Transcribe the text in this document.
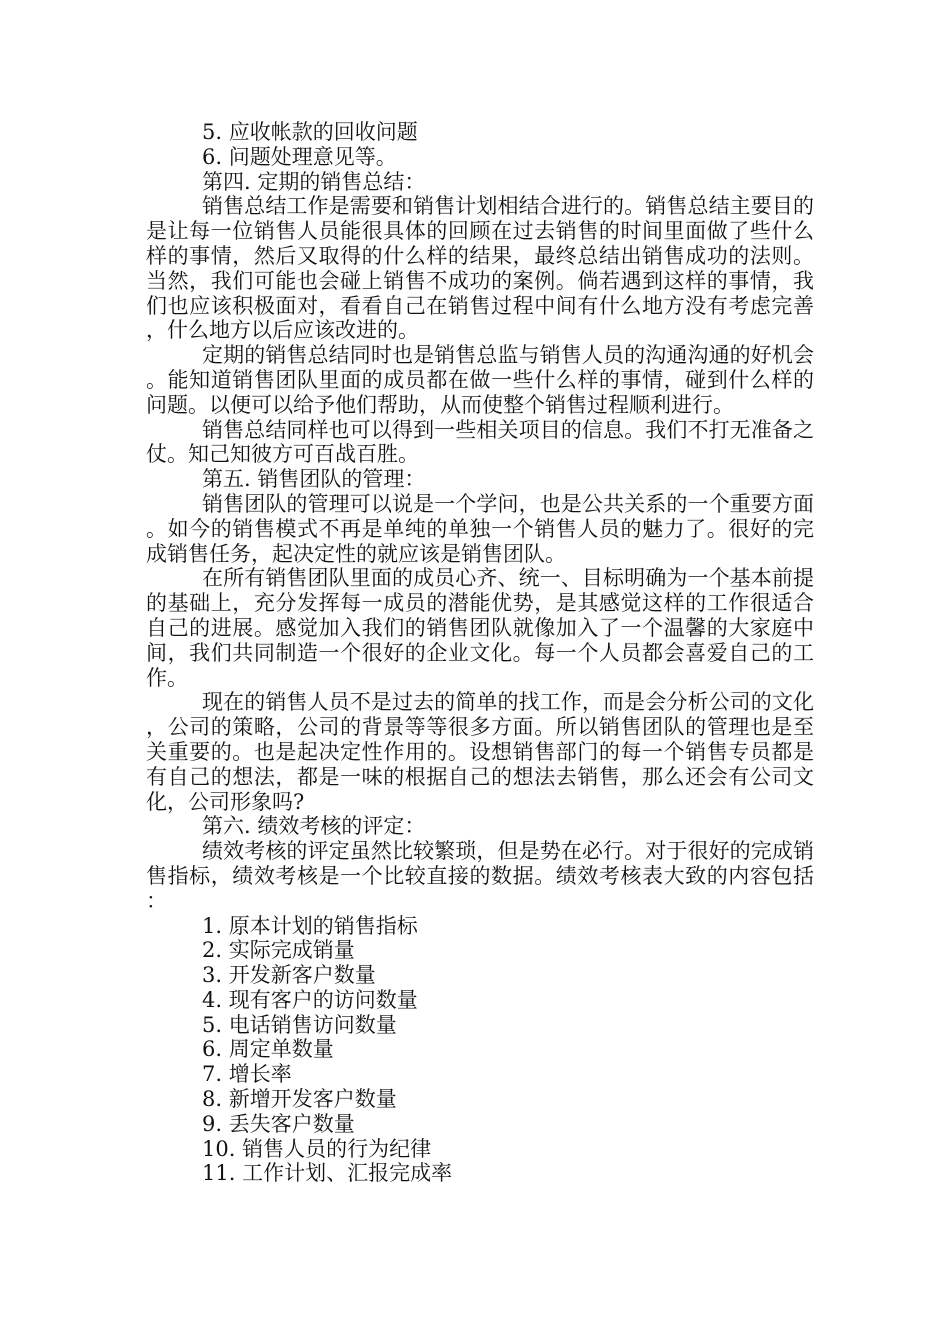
5. 应收帐款的回收问题

6. 问题处理意见等。

第四. 定期的销售总结：

销售总结工作是需要和销售计划相结合进行的。销售总结主要目的是让每一位销售人员能很具体的回顾在过去销售的时间里面做了些什么样的事情，然后又取得的什么样的结果，最终总结出销售成功的法则。当然，我们可能也会碰上销售不成功的案例。倘若遇到这样的事情，我们也应该积极面对，看看自己在销售过程中间有什么地方没有考虑完善，什么地方以后应该改进的。

定期的销售总结同时也是销售总监与销售人员的沟通沟通的好机会。能知道销售团队里面的成员都在做一些什么样的事情，碰到什么样的问题。以便可以给予他们帮助，从而使整个销售过程顺利进行。

销售总结同样也可以得到一些相关项目的信息。我们不打无准备之仗。知己知彼方可百战百胜。

第五. 销售团队的管理：

销售团队的管理可以说是一个学问，也是公共关系的一个重要方面。如今的销售模式不再是单纯的单独一个销售人员的魅力了。很好的完成销售任务，起决定性的就应该是销售团队。

在所有销售团队里面的成员心齐、统一、目标明确为一个基本前提的基础上，充分发挥每一成员的潜能优势，是其感觉这样的工作很适合自己的进展。感觉加入我们的销售团队就像加入了一个温馨的大家庭中间，我们共同制造一个很好的企业文化。每一个人员都会喜爱自己的工作。

现在的销售人员不是过去的简单的找工作，而是会分析公司的文化，公司的策略，公司的背景等等很多方面。所以销售团队的管理也是至关重要的。也是起决定性作用的。设想销售部门的每一个销售专员都是有自己的想法，都是一味的根据自己的想法去销售，那么还会有公司文化，公司形象吗?

第六. 绩效考核的评定：

绩效考核的评定虽然比较繁琐，但是势在必行。对于很好的完成销售指标，绩效考核是一个比较直接的数据。绩效考核表大致的内容包括：

1. 原本计划的销售指标

2. 实际完成销量

3. 开发新客户数量

4. 现有客户的访问数量

5. 电话销售访问数量

6. 周定单数量

7. 增长率

8. 新增开发客户数量

9. 丢失客户数量

10. 销售人员的行为纪律

11. 工作计划、汇报完成率
